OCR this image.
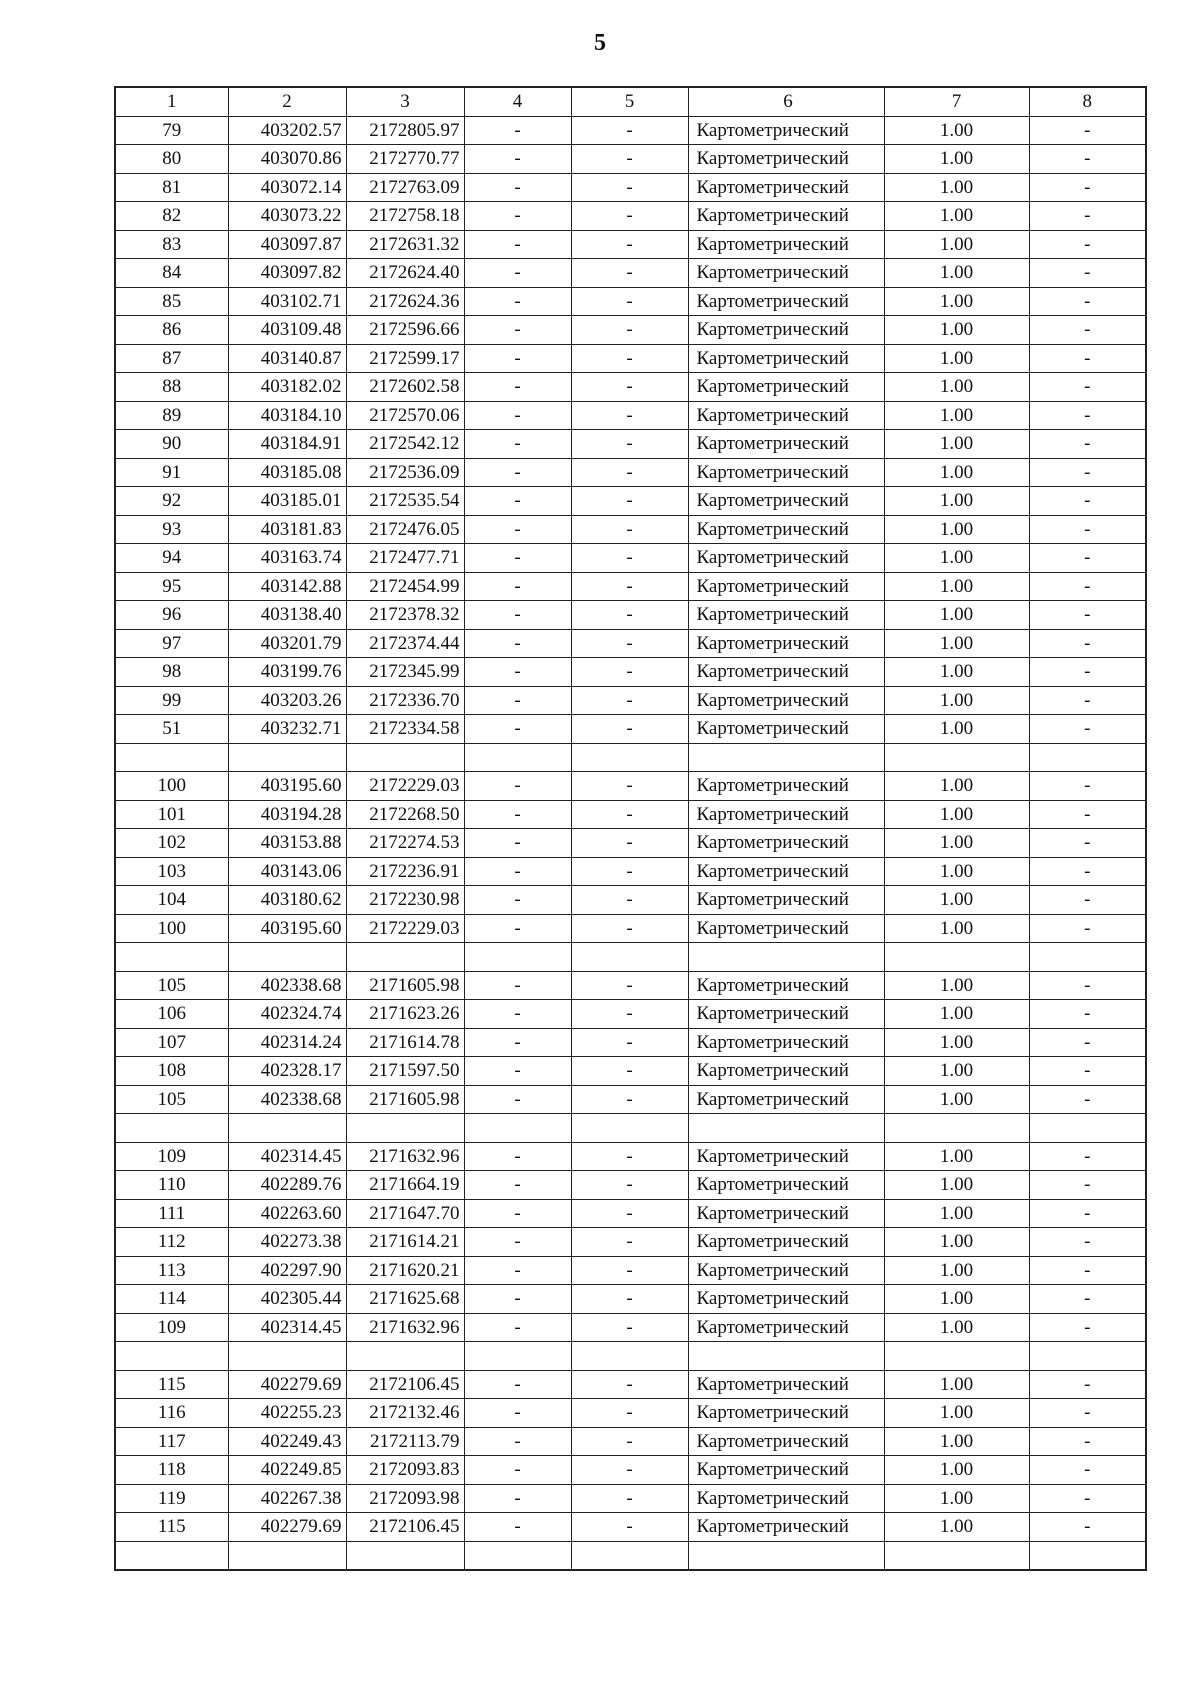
5
1	2	3	4	5	6	7	8
79	403202.57	2172805.97	-	-	Картометрический	1.00	-
80	403070.86	2172770.77	-	-	Картометрический	1.00	-
81	403072.14	2172763.09	-	-	Картометрический	1.00	-
82	403073.22	2172758.18	-	-	Картометрический	1.00	-
83	403097.87	2172631.32	-	-	Картометрический	1.00	-
84	403097.82	2172624.40	-	-	Картометрический	1.00	-
85	403102.71	2172624.36	-	-	Картометрический	1.00	-
86	403109.48	2172596.66	-	-	Картометрический	1.00	-
87	403140.87	2172599.17	-	-	Картометрический	1.00	-
88	403182.02	2172602.58	-	-	Картометрический	1.00	-
89	403184.10	2172570.06	-	-	Картометрический	1.00	-
90	403184.91	2172542.12	-	-	Картометрический	1.00	-
91	403185.08	2172536.09	-	-	Картометрический	1.00	-
92	403185.01	2172535.54	-	-	Картометрический	1.00	-
93	403181.83	2172476.05	-	-	Картометрический	1.00	-
94	403163.74	2172477.71	-	-	Картометрический	1.00	-
95	403142.88	2172454.99	-	-	Картометрический	1.00	-
96	403138.40	2172378.32	-	-	Картометрический	1.00	-
97	403201.79	2172374.44	-	-	Картометрический	1.00	-
98	403199.76	2172345.99	-	-	Картометрический	1.00	-
99	403203.26	2172336.70	-	-	Картометрический	1.00	-
51	403232.71	2172334.58	-	-	Картометрический	1.00	-

100	403195.60	2172229.03	-	-	Картометрический	1.00	-
101	403194.28	2172268.50	-	-	Картометрический	1.00	-
102	403153.88	2172274.53	-	-	Картометрический	1.00	-
103	403143.06	2172236.91	-	-	Картометрический	1.00	-
104	403180.62	2172230.98	-	-	Картометрический	1.00	-
100	403195.60	2172229.03	-	-	Картометрический	1.00	-

105	402338.68	2171605.98	-	-	Картометрический	1.00	-
106	402324.74	2171623.26	-	-	Картометрический	1.00	-
107	402314.24	2171614.78	-	-	Картометрический	1.00	-
108	402328.17	2171597.50	-	-	Картометрический	1.00	-
105	402338.68	2171605.98	-	-	Картометрический	1.00	-

109	402314.45	2171632.96	-	-	Картометрический	1.00	-
110	402289.76	2171664.19	-	-	Картометрический	1.00	-
111	402263.60	2171647.70	-	-	Картометрический	1.00	-
112	402273.38	2171614.21	-	-	Картометрический	1.00	-
113	402297.90	2171620.21	-	-	Картометрический	1.00	-
114	402305.44	2171625.68	-	-	Картометрический	1.00	-
109	402314.45	2171632.96	-	-	Картометрический	1.00	-

115	402279.69	2172106.45	-	-	Картометрический	1.00	-
116	402255.23	2172132.46	-	-	Картометрический	1.00	-
117	402249.43	2172113.79	-	-	Картометрический	1.00	-
118	402249.85	2172093.83	-	-	Картометрический	1.00	-
119	402267.38	2172093.98	-	-	Картометрический	1.00	-
115	402279.69	2172106.45	-	-	Картометрический	1.00	-
